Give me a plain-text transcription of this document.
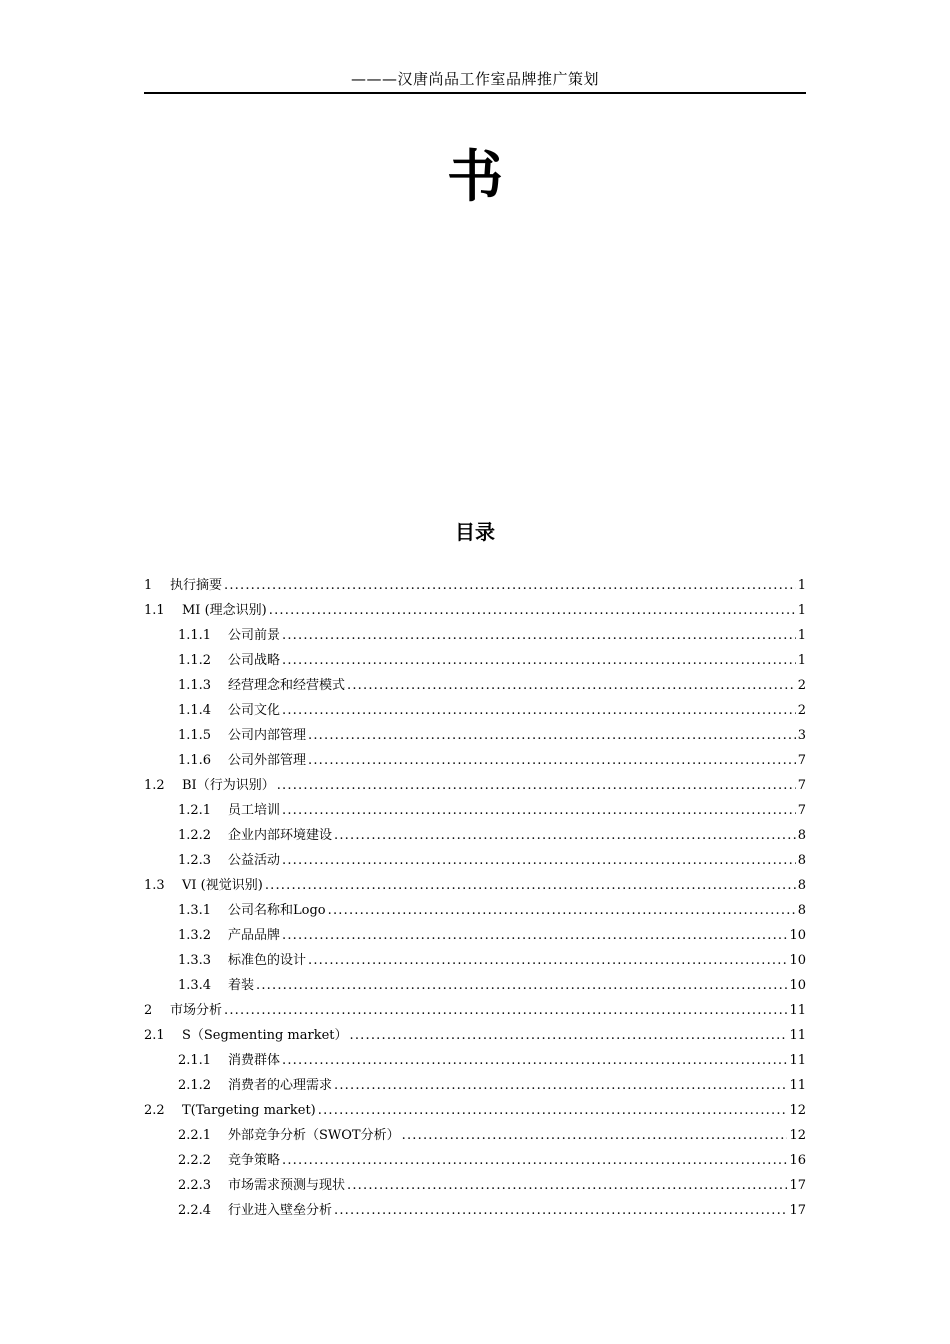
———汉唐尚品工作室品牌推广策划
书
目录
1	执行摘要 .....	1
1.1	MI (理念识别) .....	1
1.1.1	公司前景 .....	1
1.1.2	公司战略 .....	1
1.1.3	经营理念和经营模式 .....	2
1.1.4	公司文化 .....	2
1.1.5	公司内部管理 .....	3
1.1.6	公司外部管理 .....	7
1.2	BI（行为识别） .....	7
1.2.1	员工培训 .....	7
1.2.2	企业内部环境建设 .....	8
1.2.3	公益活动 .....	8
1.3	VI (视觉识别) .....	8
1.3.1	公司名称和Logo .....	8
1.3.2	产品品牌 .....	10
1.3.3	标准色的设计 .....	10
1.3.4	着装 .....	10
2	市场分析 .....	11
2.1	S（Segmenting market） .....	11
2.1.1	消费群体 .....	11
2.1.2	消费者的心理需求 .....	11
2.2	T(Targeting market) .....	12
2.2.1	外部竞争分析（SWOT分析） .....	12
2.2.2	竞争策略 .....	16
2.2.3	市场需求预测与现状 .....	17
2.2.4	行业进入壁垒分析 .....	17
